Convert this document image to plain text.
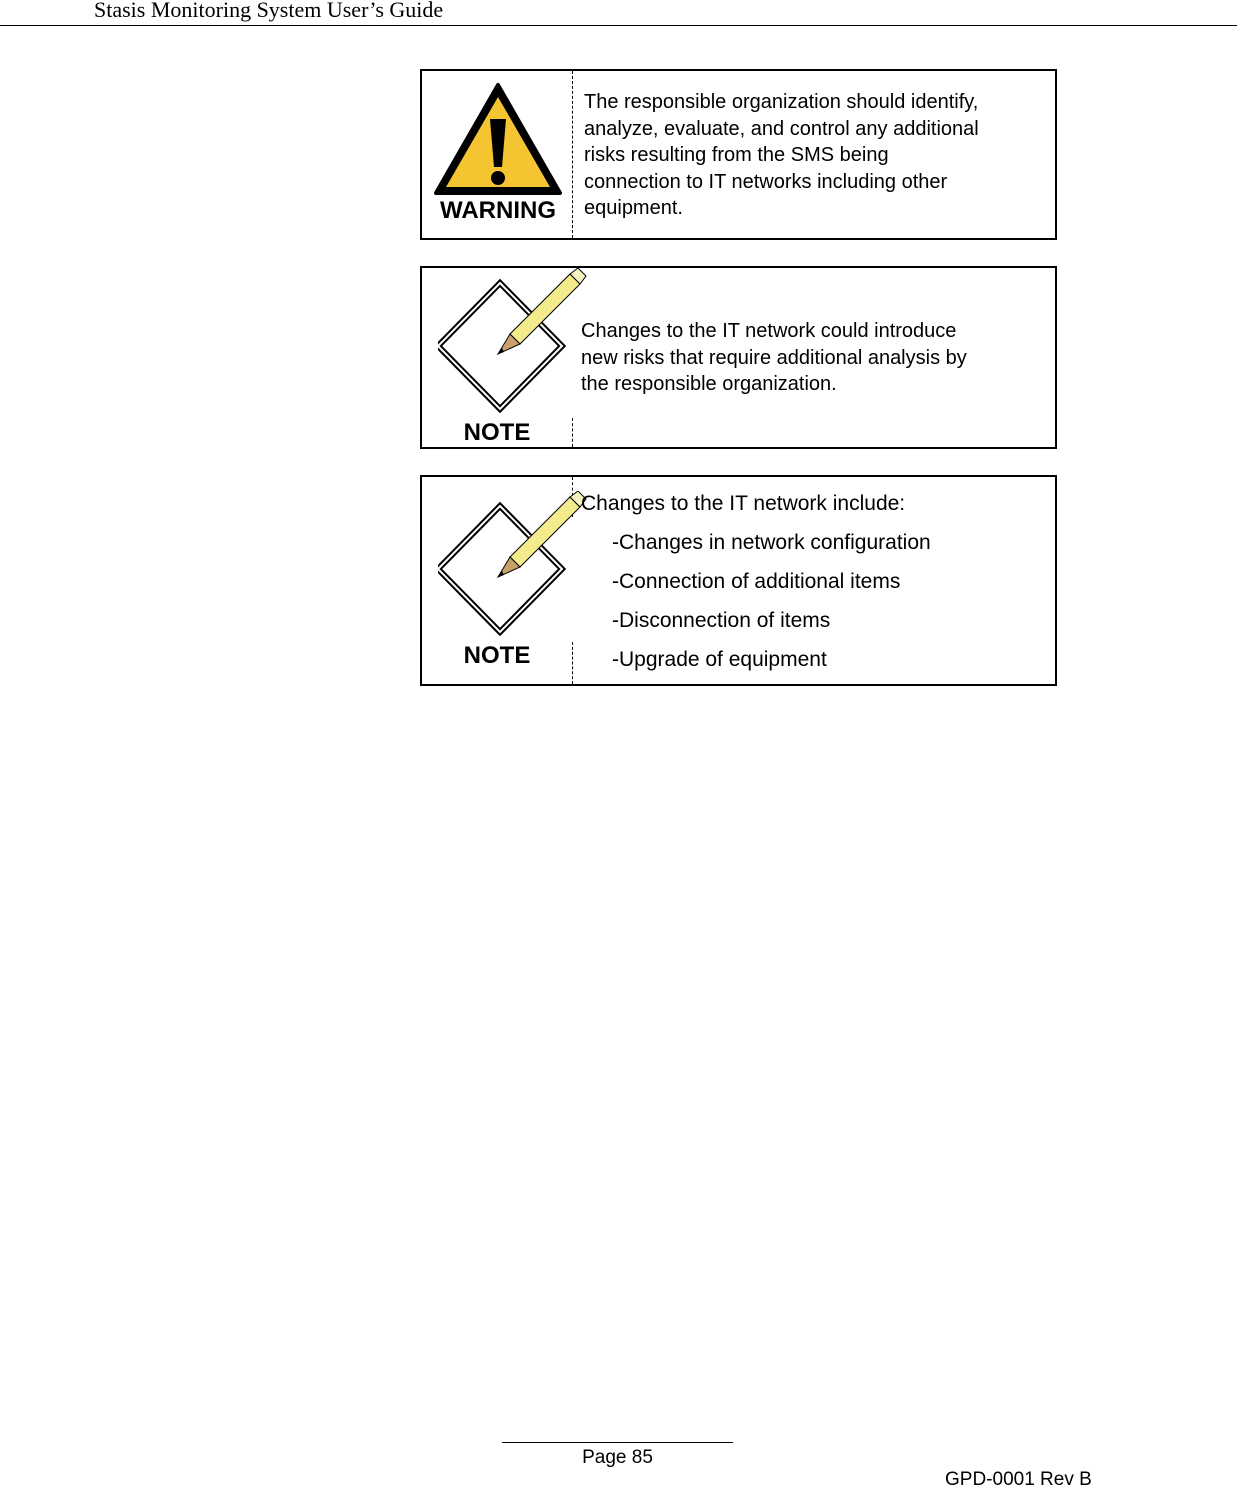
Stasis Monitoring System User’s Guide
WARNING
The responsible organization should identify,
analyze, evaluate, and control any additional
risks resulting from the SMS being
connection to IT networks including other
equipment.
NOTE
Changes to the IT network could introduce
new risks that require additional analysis by
the responsible organization.
NOTE
Changes to the IT network include:
-Changes in network configuration
-Connection of additional items
-Disconnection of items
-Upgrade of equipment
Page 85
GPD-0001 Rev B
